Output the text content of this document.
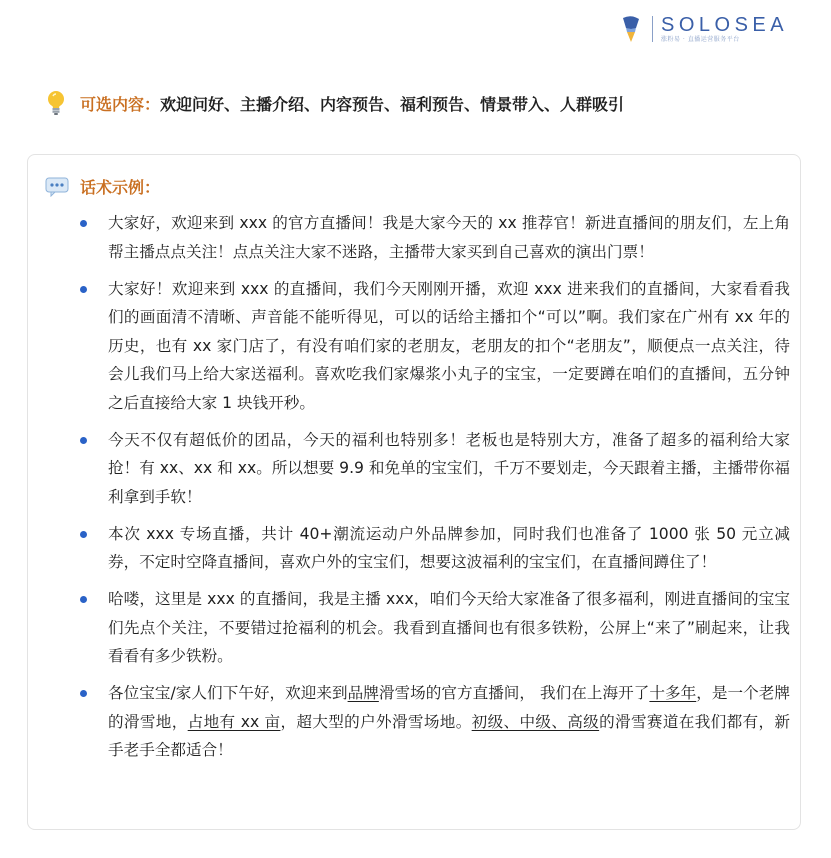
SOLOSEA
涨粉易 · 直播运营服务平台
可选内容： 欢迎问好、主播介绍、内容预告、福利预告、情景带入、人群吸引
话术示例：
大家好，欢迎来到 xxx 的官方直播间！我是大家今天的 xx 推荐官！新进直播间的朋友们，左上角帮主播点点关注！点点关注大家不迷路，主播带大家买到自己喜欢的演出门票！
大家好！欢迎来到 xxx 的直播间，我们今天刚刚开播，欢迎 xxx 进来我们的直播间，大家看看我们的画面清不清晰、声音能不能听得见，可以的话给主播扣个“可以”啊。我们家在广州有 xx 年的历史，也有 xx 家门店了，有没有咱们家的老朋友，老朋友的扣个“老朋友”，顺便点一点关注，待会儿我们马上给大家送福利。喜欢吃我们家爆浆小丸子的宝宝，一定要蹲在咱们的直播间，五分钟之后直接给大家 1 块钱开秒。
今天不仅有超低价的团品，今天的福利也特别多！老板也是特别大方，准备了超多的福利给大家抢！有 xx、xx 和 xx。所以想要 9.9 和免单的宝宝们，千万不要划走，今天跟着主播，主播带你福利拿到手软！
本次 xxx 专场直播，共计 40+潮流运动户外品牌参加，同时我们也准备了 1000 张 50 元立减券，不定时空降直播间，喜欢户外的宝宝们，想要这波福利的宝宝们，在直播间蹲住了！
哈喽，这里是 xxx 的直播间，我是主播 xxx，咱们今天给大家准备了很多福利，刚进直播间的宝宝们先点个关注，不要错过抢福利的机会。我看到直播间也有很多铁粉，公屏上“来了”刷起来，让我看看有多少铁粉。
各位宝宝/家人们下午好，欢迎来到品牌滑雪场的官方直播间， 我们在上海开了十多年，是一个老牌的滑雪地，占地有 xx 亩，超大型的户外滑雪场地。初级、中级、高级的滑雪赛道在我们都有，新手老手全都适合！
